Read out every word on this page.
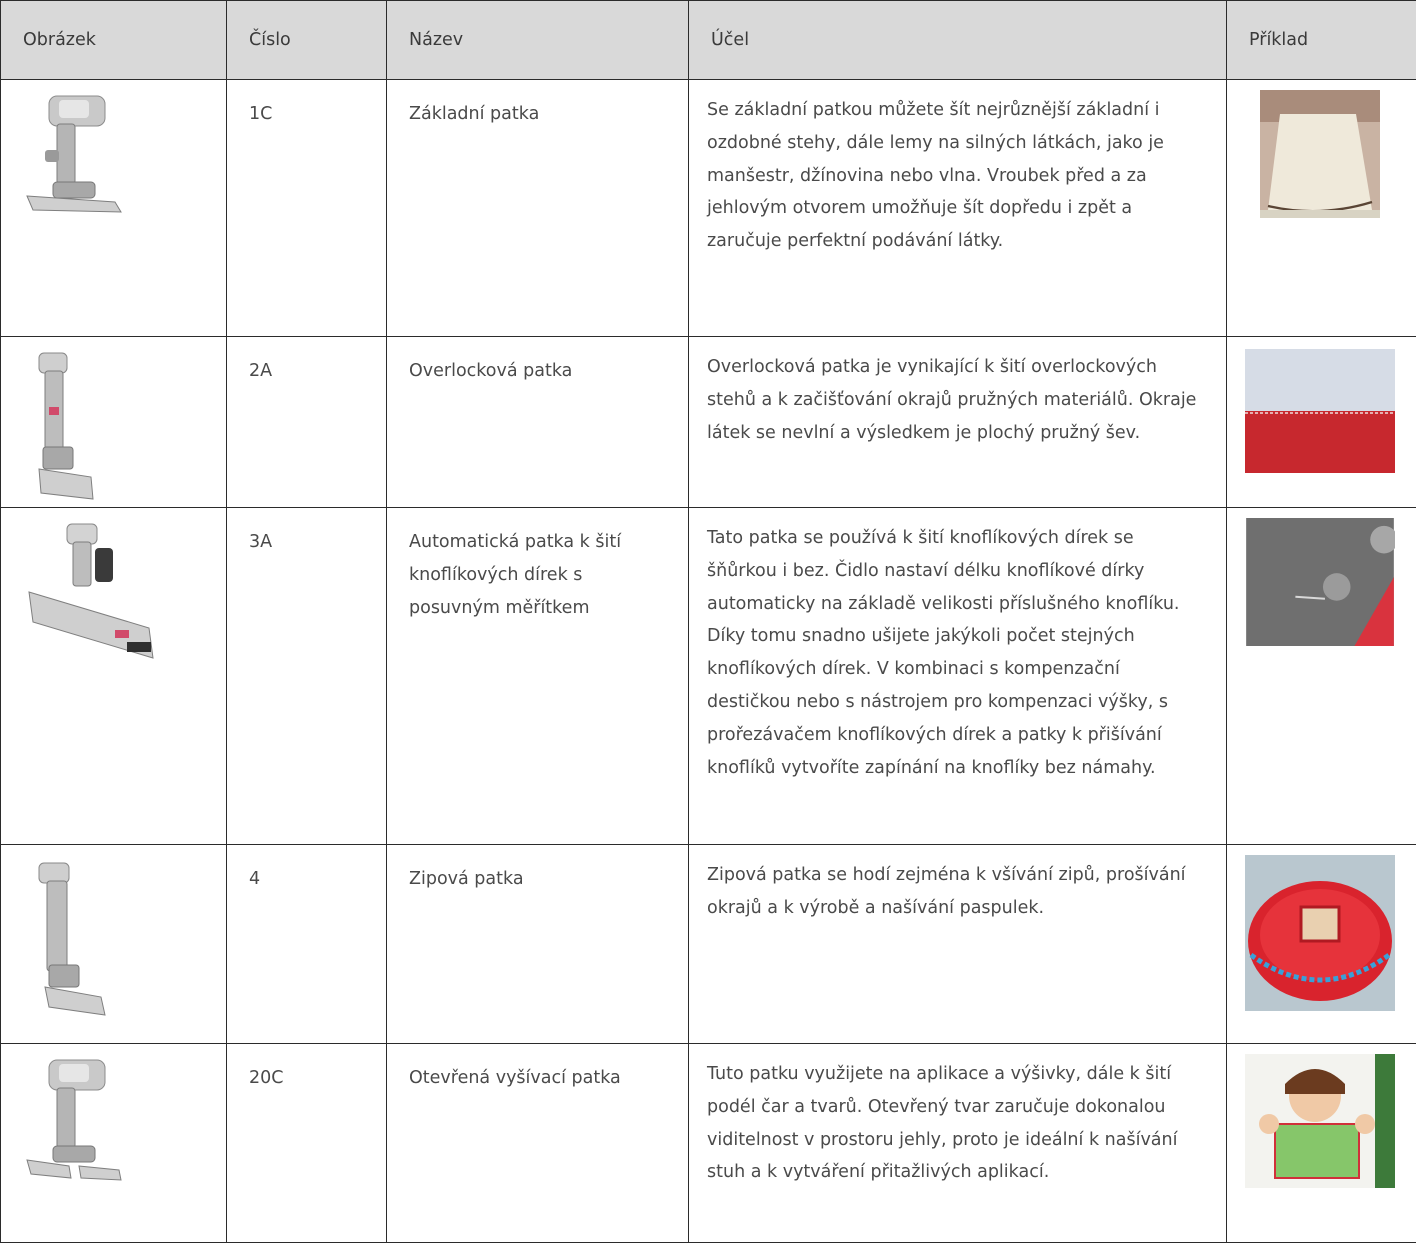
Obrázek	Číslo	Název	Účel	Příklad

	1C	Základní patka	Se základní patkou můžete šít nejrůznější základní i ozdobné stehy, dále lemy na silných látkách, jako je manšestr, džínovina nebo vlna. Vroubek před a za jehlovým otvorem umožňuje šít dopředu i zpět a zaručuje perfektní podávání látky.	

	2A	Overlocková patka	Overlocková patka je vynikající k šití overlockových stehů a k začišťování okrajů pružných materiálů. Okraje látek se nevlní a výsledkem je plochý pružný šev.	

	3A	Automatická patka k šití knoflíkových dírek s posuvným měřítkem	Tato patka se používá k šití knoflíkových dírek se šňůrkou i bez. Čidlo nastaví délku knoflíkové dírky automaticky na základě velikosti příslušného knoflíku. Díky tomu snadno ušijete jakýkoli počet stejných knoflíkových dírek. V kombinaci s kompenzační destičkou nebo s nástrojem pro kompenzaci výšky, s prořezávačem knoflíkových dírek a patky k přišívání knoflíků vytvoříte zapínání na knoflíky bez námahy.	

	4	Zipová patka	Zipová patka se hodí zejména k všívání zipů, prošívání okrajů a k výrobě a našívání paspulek.	

	20C	Otevřená vyšívací patka	Tuto patku využijete na aplikace a výšivky, dále k šití podél čar a tvarů. Otevřený tvar zaručuje dokonalou viditelnost v prostoru jehly, proto je ideální k našívání stuh a k vytváření přitažlivých aplikací.	
